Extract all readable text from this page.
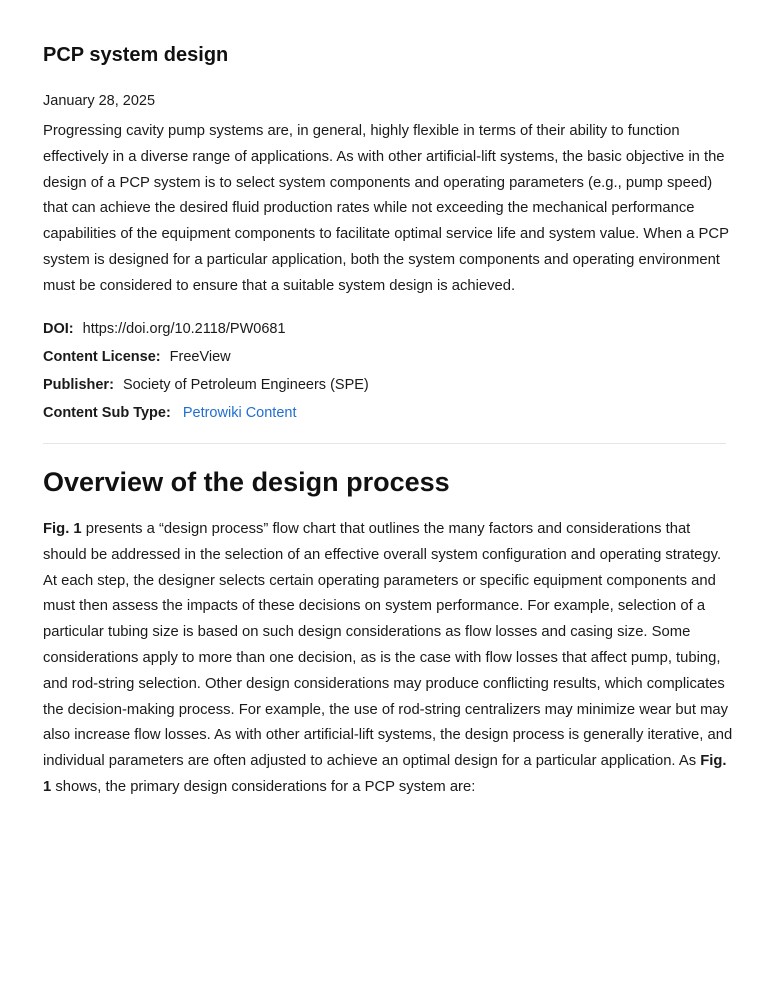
PCP system design
January 28, 2025

Progressing cavity pump systems are, in general, highly flexible in terms of their ability to function effectively in a diverse range of applications. As with other artificial-lift systems, the basic objective in the design of a PCP system is to select system components and operating parameters (e.g., pump speed) that can achieve the desired fluid production rates while not exceeding the mechanical performance capabilities of the equipment components to facilitate optimal service life and system value. When a PCP system is designed for a particular application, both the system components and operating environment must be considered to ensure that a suitable system design is achieved.

DOI: https://doi.org/10.2118/PW0681
Content License: FreeView
Publisher: Society of Petroleum Engineers (SPE)
Content Sub Type: Petrowiki Content
Overview of the design process

Fig. 1 presents a “design process” flow chart that outlines the many factors and considerations that should be addressed in the selection of an effective overall system configuration and operating strategy. At each step, the designer selects certain operating parameters or specific equipment components and must then assess the impacts of these decisions on system performance. For example, selection of a particular tubing size is based on such design considerations as flow losses and casing size. Some considerations apply to more than one decision, as is the case with flow losses that affect pump, tubing, and rod-string selection. Other design considerations may produce conflicting results, which complicates the decision-making process. For example, the use of rod-string centralizers may minimize wear but may also increase flow losses. As with other artificial-lift systems, the design process is generally iterative, and individual parameters are often adjusted to achieve an optimal design for a particular application. As Fig. 1 shows, the primary design considerations for a PCP system are:
